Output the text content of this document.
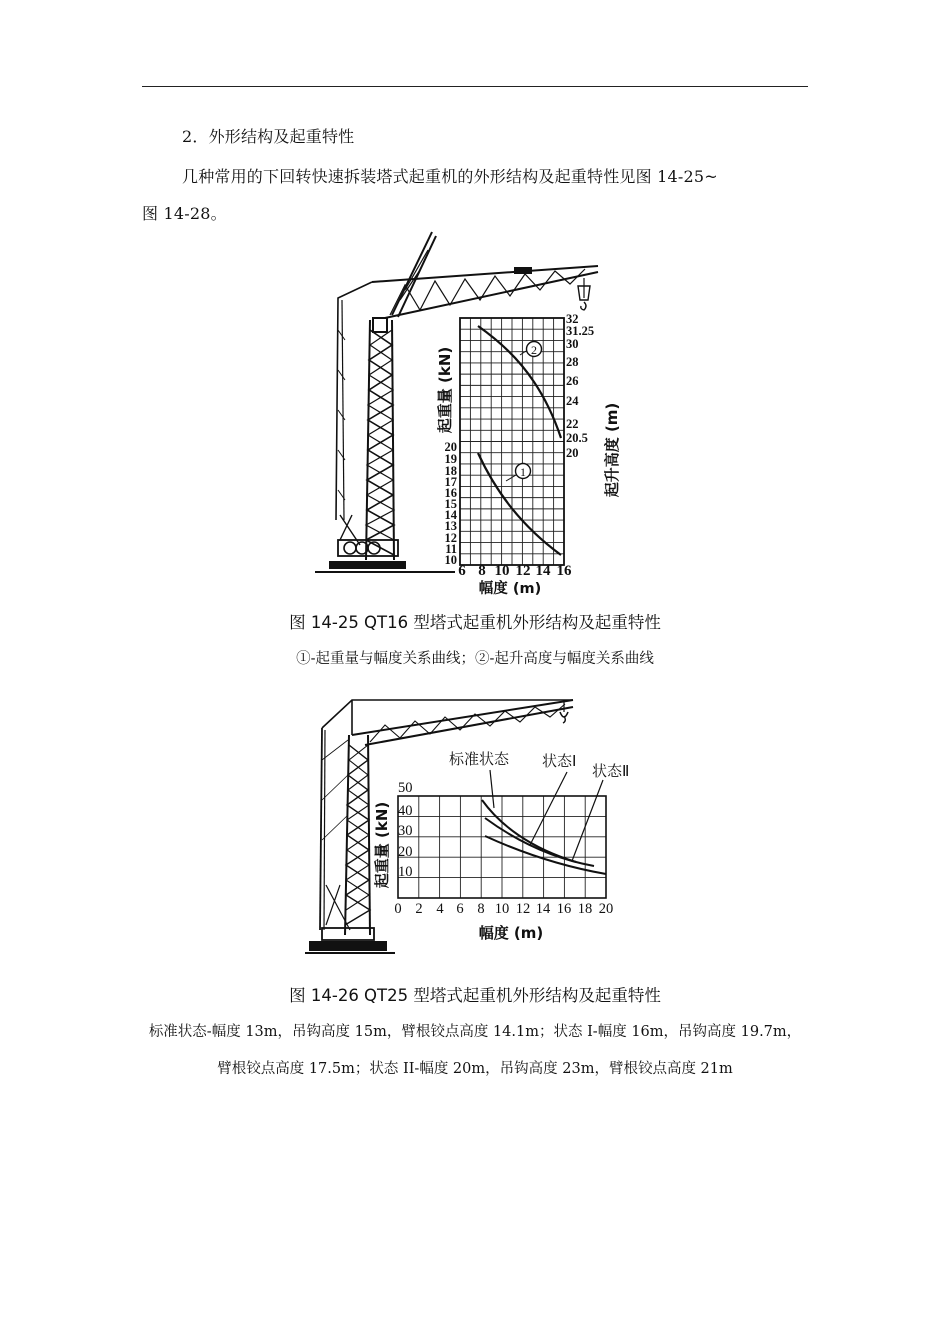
2．外形结构及起重特性
几种常用的下回转快速拆装塔式起重机的外形结构及起重特性见图 14-25~
图 14-28。
2
1
20
19
18
17
16
15
14
13
12
11
10
32
31.25
30
28
26
24
22
20.5
20
6 8 10 12 14 16
幅度 (m)
起重量 (kN)
起升高度 (m)
图 14-25 QT16 型塔式起重机外形结构及起重特性
①-起重量与幅度关系曲线；②-起升高度与幅度关系曲线
标准状态 状态Ⅰ
状态Ⅱ
50
40
30
20
10
0 2 4 6 8 10 12 14 16 18 20
幅度 (m)
起重量 (kN)
图 14-26 QT25 型塔式起重机外形结构及起重特性
标准状态-幅度 13m，吊钩高度 15m，臂根铰点高度 14.1m；状态 I-幅度 16m，吊钩高度 19.7m，
臂根铰点高度 17.5m；状态 II-幅度 20m，吊钩高度 23m，臂根铰点高度 21m
